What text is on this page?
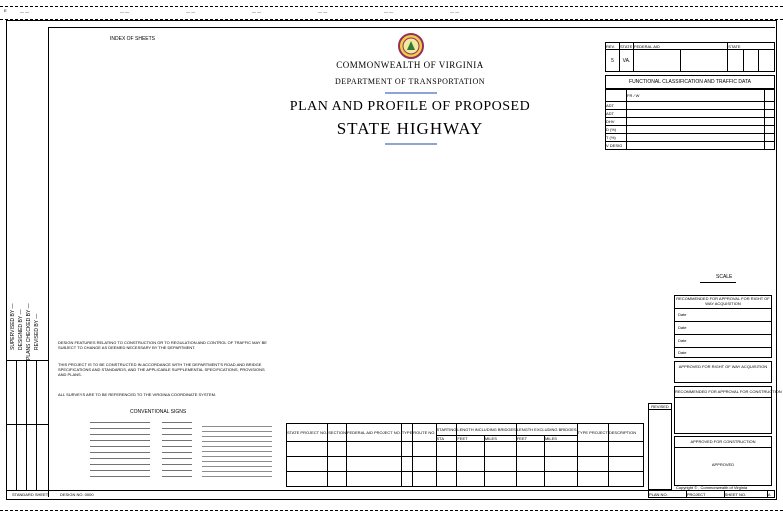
E	— —	— —	— —	— —	— —	— —	— —
SUPERVISED BY — DESIGNED BY — PLANS CHECKED BY — REVISED BY —
STANDARD SHEET	DESIGN NO. 0000
INDEX OF SHEETS
COMMONWEALTH OF VIRGINIA
DEPARTMENT OF TRANSPORTATION
PLAN AND PROFILE OF PROPOSED
STATE HIGHWAY
REV.	STATE	FEDERAL AID		STATE		
5	VA.					
FUNCTIONAL CLASSIFICATION AND TRAFFIC DATA
	FR / W	
ADT		
ADT		
DHV		
D (%)		
T (%)		
V DESIG		
SCALE
RECOMMENDED FOR APPROVAL FOR RIGHT OF WAY ACQUISITION
Date
Date
Date
Date
APPROVED FOR RIGHT OF WAY ACQUISITION
RECOMMENDED FOR APPROVAL FOR CONSTRUCTION
APPROVED FOR CONSTRUCTION
APPROVED
Copyright © , Commonwealth of Virginia
REVISED
PLAN NO.	PROJECT	SHEET NO.	A
DESIGN FEATURES RELATING TO CONSTRUCTION OR TO REGULATION AND CONTROL OF TRAFFIC MAY BE SUBJECT TO CHANGE AS DEEMED NECESSARY BY THE DEPARTMENT.
THIS PROJECT IS TO BE CONSTRUCTED IN ACCORDANCE WITH THE DEPARTMENT'S ROAD AND BRIDGE SPECIFICATIONS AND STANDARDS, AND THE APPLICABLE SUPPLEMENTAL SPECIFICATIONS, PROVISIONS AND PLANS.
ALL SURVEYS ARE TO BE REFERENCED TO THE VIRGINIA COORDINATE SYSTEM.
CONVENTIONAL SIGNS
STATE PROJECT NO.	SECTION	FEDERAL AID PROJECT NO.	TYPE	ROUTE NO.	STARTING	LENGTH INCLUDING BRIDGES		LENGTH EXCLUDING BRIDGES		TYPE PROJECT	DESCRIPTION
					STA	FEET	MILES	FEET	MILES		
